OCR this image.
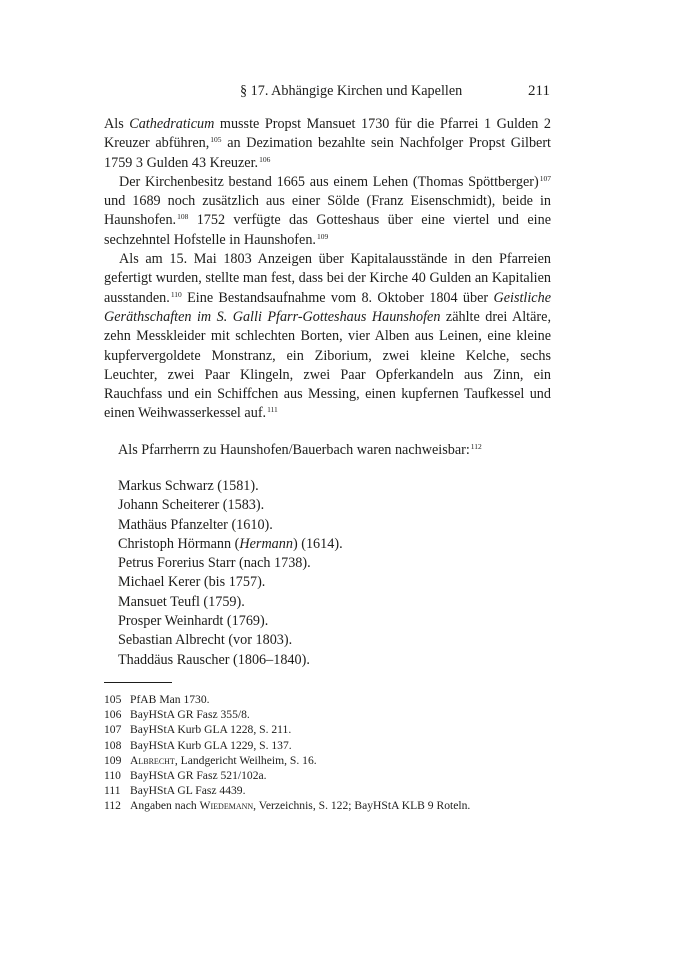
§ 17. Abhängige Kirchen und Kapellen	211

Als Cathedraticum musste Propst Mansuet 1730 für die Pfarrei 1 Gulden 2 Kreuzer abführen,$^{105}$ an Dezimation bezahlte sein Nachfolger Propst Gilbert 1759 3 Gulden 43 Kreuzer.$^{106}$

Der Kirchenbesitz bestand 1665 aus einem Lehen (Thomas Spöttberger)$^{107}$ und 1689 noch zusätzlich aus einer Sölde (Franz Eisenschmidt), beide in Haunshofen.$^{108}$ 1752 verfügte das Gotteshaus über eine viertel und eine sechzehntel Hofstelle in Haunshofen.$^{109}$

Als am 15. Mai 1803 Anzeigen über Kapitalausstände in den Pfarreien gefertigt wurden, stellte man fest, dass bei der Kirche 40 Gulden an Kapitalien ausstanden.$^{110}$ Eine Bestandsaufnahme vom 8. Oktober 1804 über Geistliche Geräthschaften im S. Galli Pfarr-Gotteshaus Haunshofen zählte drei Altäre, zehn Messkleider mit schlechten Borten, vier Alben aus Leinen, eine kleine kupfervergoldete Monstranz, ein Ziborium, zwei kleine Kelche, sechs Leuchter, zwei Paar Klingeln, zwei Paar Opferkandeln aus Zinn, ein Rauchfass und ein Schiffchen aus Messing, einen kupfernen Taufkessel und einen Weihwasserkessel auf.$^{111}$

Als Pfarrherrn zu Haunshofen/Bauerbach waren nachweisbar:$^{112}$
Markus Schwarz (1581).
Johann Scheiterer (1583).
Mathäus Pfanzelter (1610).
Christoph Hörmann (Hermann) (1614).
Petrus Forerius Starr (nach 1738).
Michael Kerer (bis 1757).
Mansuet Teufl (1759).
Prosper Weinhardt (1769).
Sebastian Albrecht (vor 1803).
Thaddäus Rauscher (1806–1840).
105 PfAB Man 1730.
106 BayHStA GR Fasz 355/8.
107 BayHStA Kurb GLA 1228, S. 211.
108 BayHStA Kurb GLA 1229, S. 137.
109 Albrecht, Landgericht Weilheim, S. 16.
110 BayHStA GR Fasz 521/102a.
111 BayHStA GL Fasz 4439.
112 Angaben nach Wiedemann, Verzeichnis, S. 122; BayHStA KLB 9 Roteln.
